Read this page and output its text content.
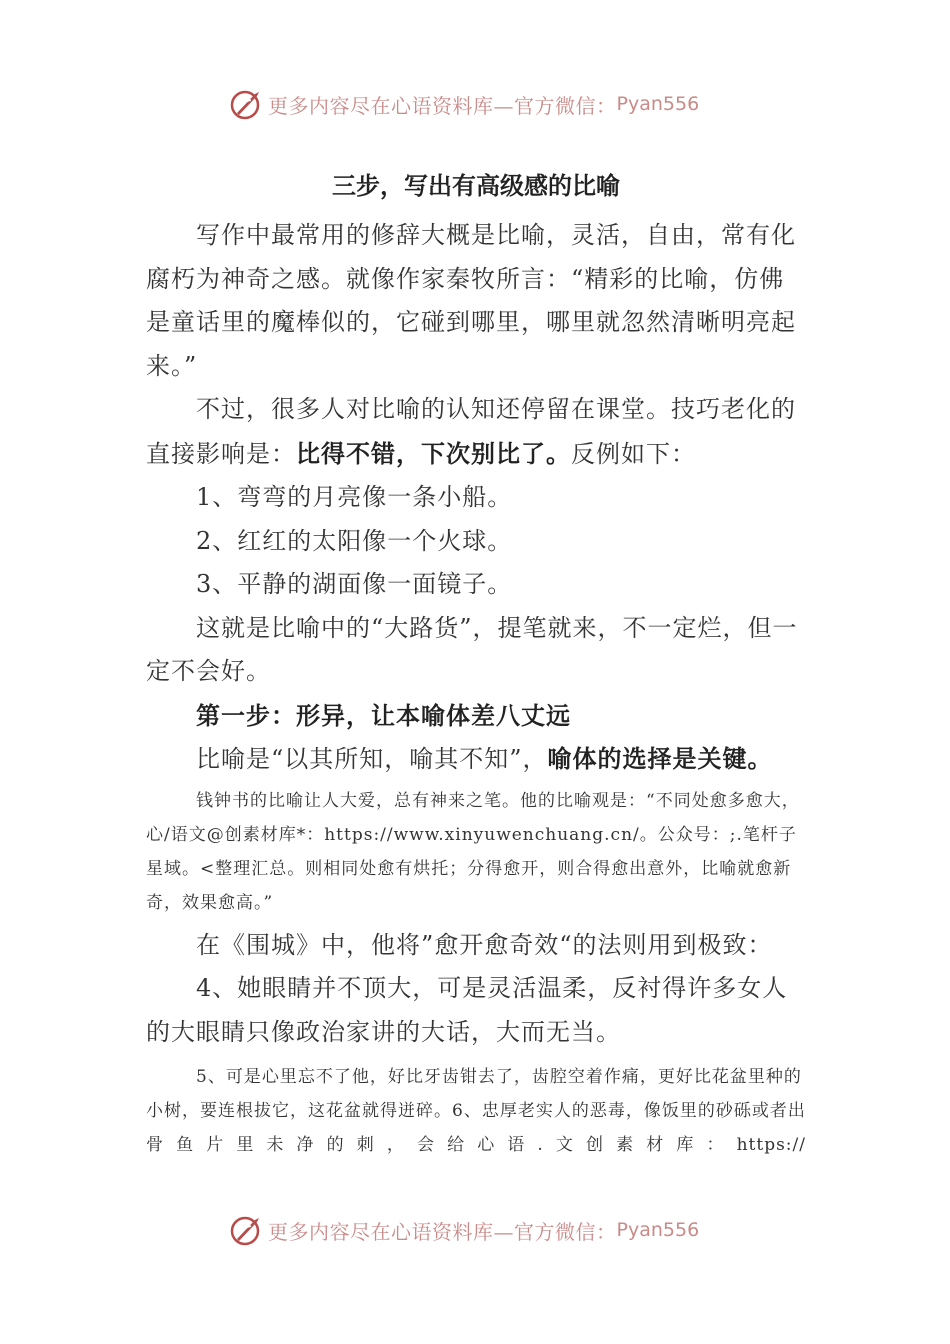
更多内容尽在心语资料库— 官方微信： Pyan556
三步，写出有高级感的比喻

写作中最常用的修辞大概是比喻，灵活，自由，常有化腐朽为神奇之感。就像作家秦牧所言：“精彩的比喻，仿佛是童话里的魔棒似的，它碰到哪里，哪里就忽然清晰明亮起来。”

不过，很多人对比喻的认知还停留在课堂。技巧老化的直接影响是：比得不错，下次别比了。反例如下：

1、弯弯的月亮像一条小船。

2、红红的太阳像一个火球。

3、平静的湖面像一面镜子。

这就是比喻中的“大路货”，提笔就来，不一定烂，但一定不会好。

第一步：形异，让本喻体差八丈远

比喻是“以其所知，喻其不知”，喻体的选择是关键。

钱钟书的比喻让人大爱，总有神来之笔。他的比喻观是：“不同处愈多愈大，心/语文@创素材库*：https://www.xinyuwenchuang.cn/。公众号：;.笔杆子星域。<整理汇总。则相同处愈有烘托；分得愈开，则合得愈出意外，比喻就愈新奇，效果愈高。”

在《围城》中，他将”愈开愈奇效“的法则用到极致：

4、她眼睛并不顶大，可是灵活温柔，反衬得许多女人的大眼睛只像政治家讲的大话，大而无当。

5、可是心里忘不了他，好比牙齿钳去了，齿腔空着作痛，更好比花盆里种的小树，要连根拔它，这花盆就得迸碎。6、忠厚老实人的恶毒，像饭里的砂砾或者出骨鱼片里未净的刺，会给心语.文创素材库：https://

更多内容尽在心语资料库— 官方微信： Pyan556
